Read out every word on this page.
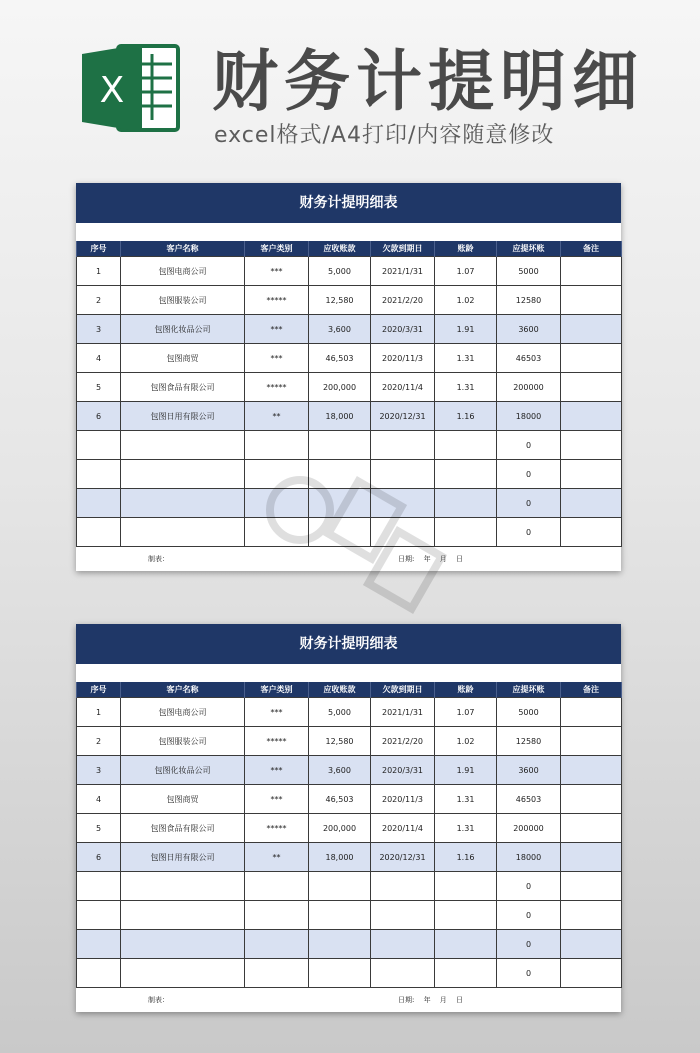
X 财务计提明细
excel格式/A4打印/内容随意修改
财务计提明细表
序号	客户名称	客户类别	应收账款	欠款到期日	账龄	应提坏账	备注
1	包图电商公司	***	5,000	2021/1/31	1.07	5000	
2	包图服装公司	*****	12,580	2021/2/20	1.02	12580	
3	包图化妆品公司	***	3,600	2020/3/31	1.91	3600	
4	包图商贸	***	46,503	2020/11/3	1.31	46503	
5	包图食品有限公司	*****	200,000	2020/11/4	1.31	200000	
6	包图日用有限公司	**	18,000	2020/12/31	1.16	18000	
						0	
						0	
						0	
						0	
制表：	日期:　 年　 月　 日
财务计提明细表
序号	客户名称	客户类别	应收账款	欠款到期日	账龄	应提坏账	备注
1	包图电商公司	***	5,000	2021/1/31	1.07	5000	
2	包图服装公司	*****	12,580	2021/2/20	1.02	12580	
3	包图化妆品公司	***	3,600	2020/3/31	1.91	3600	
4	包图商贸	***	46,503	2020/11/3	1.31	46503	
5	包图食品有限公司	*****	200,000	2020/11/4	1.31	200000	
6	包图日用有限公司	**	18,000	2020/12/31	1.16	18000	
						0	
						0	
						0	
						0	
制表：	日期:　 年　 月　 日
